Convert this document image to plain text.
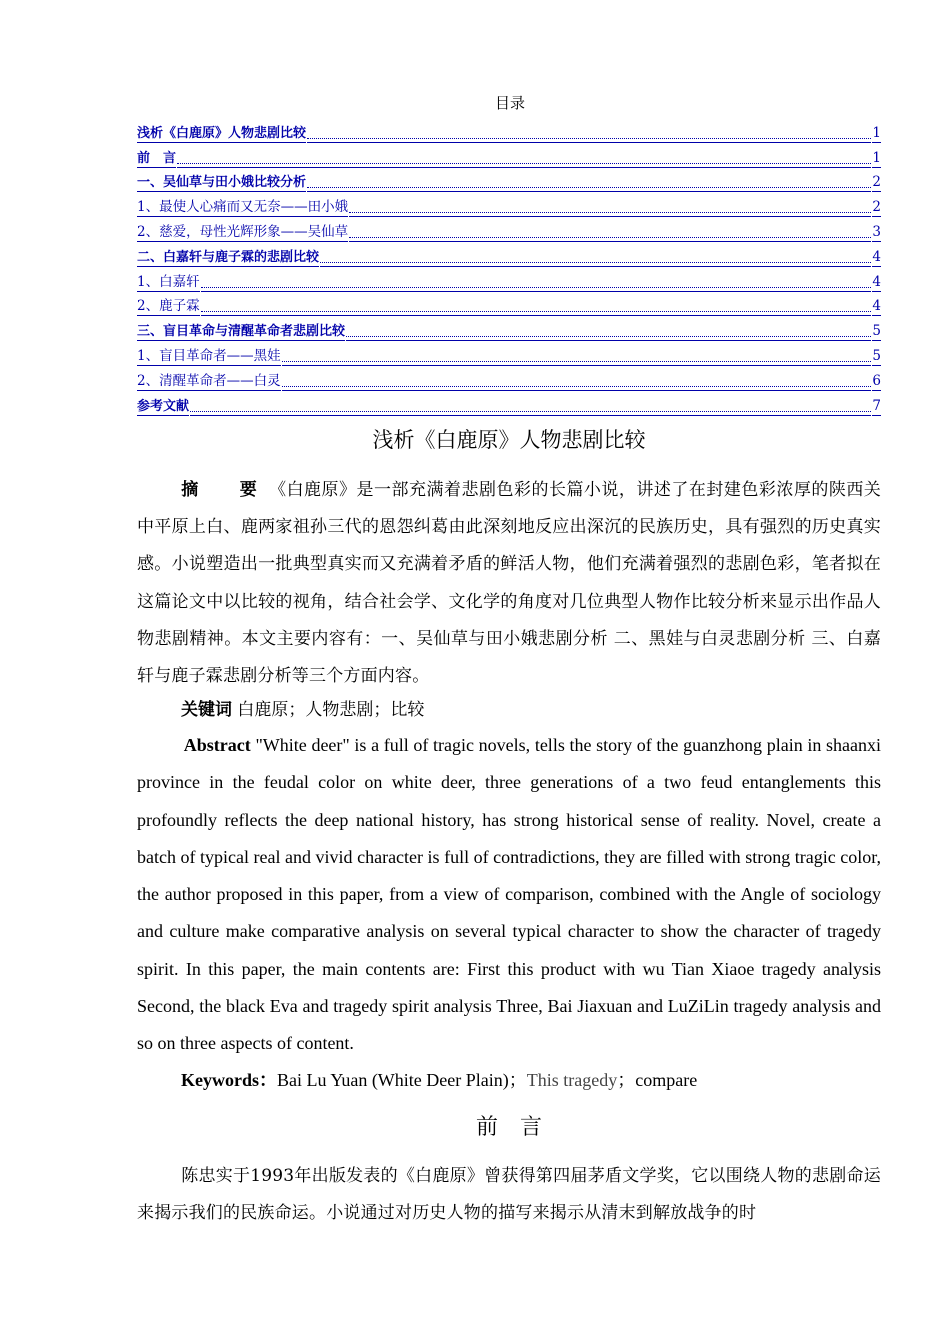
目录
浅析《白鹿原》人物悲剧比较	1
前　言	1
一、吴仙草与田小娥比较分析	2
1、最使人心痛而又无奈——田小娥	2
2、慈爱，母性光辉形象——吴仙草	3
二、白嘉轩与鹿子霖的悲剧比较	4
1、白嘉轩	4
2、鹿子霖	4
三、盲目革命与清醒革命者悲剧比较	5
1、盲目革命者——黑娃	5
2、清醒革命者——白灵	6
参考文献	7
浅析《白鹿原》人物悲剧比较

摘　要《白鹿原》是一部充满着悲剧色彩的长篇小说，讲述了在封建色彩浓厚的陕西关中平原上白、鹿两家祖孙三代的恩怨纠葛由此深刻地反应出深沉的民族历史，具有强烈的历史真实感。小说塑造出一批典型真实而又充满着矛盾的鲜活人物，他们充满着强烈的悲剧色彩，笔者拟在这篇论文中以比较的视角，结合社会学、文化学的角度对几位典型人物作比较分析来显示出作品人物悲剧精神。本文主要内容有：一、吴仙草与田小娥悲剧分析 二、黑娃与白灵悲剧分析 三、白嘉轩与鹿子霖悲剧分析等三个方面内容。

关键词 白鹿原；人物悲剧；比较

Abstract "White deer" is a full of tragic novels, tells the story of the guanzhong plain in shaanxi province in the feudal color on white deer, three generations of a two feud entanglements this profoundly reflects the deep national history, has strong historical sense of reality. Novel, create a batch of typical real and vivid character is full of contradictions, they are filled with strong tragic color, the author proposed in this paper, from a view of comparison, combined with the Angle of sociology and culture make comparative analysis on several typical character to show the character of tragedy spirit. In this paper, the main contents are: First this product with wu Tian Xiaoe tragedy analysis Second, the black Eva and tragedy spirit analysis Three, Bai Jiaxuan and LuZiLin tragedy analysis and so on three aspects of content.

Keywords：Bai Lu Yuan (White Deer Plain)；This tragedy；compare
前　言

陈忠实于1993年出版发表的《白鹿原》曾获得第四届茅盾文学奖，它以围绕人物的悲剧命运来揭示我们的民族命运。小说通过对历史人物的描写来揭示从清末到解放战争的时
